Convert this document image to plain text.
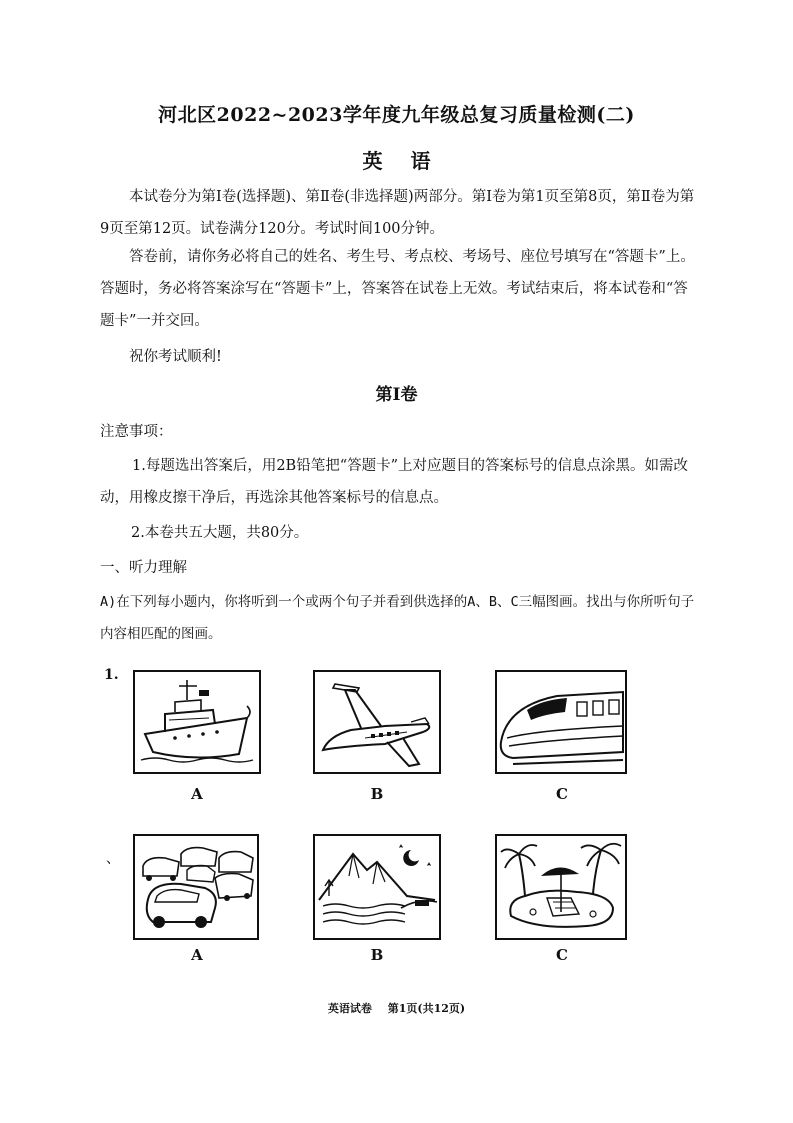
河北区2022~2023学年度九年级总复习质量检测(二)
英语
本试卷分为第Ⅰ卷(选择题)、第Ⅱ卷(非选择题)两部分。第Ⅰ卷为第1页至第8页，第Ⅱ卷为第9页至第12页。试卷满分120分。考试时间100分钟。
答卷前，请你务必将自己的姓名、考生号、考点校、考场号、座位号填写在“答题卡”上。答题时，务必将答案涂写在“答题卡”上，答案答在试卷上无效。考试结束后，将本试卷和“答题卡”一并交回。
祝你考试顺利!
第Ⅰ卷
注意事项：
1.每题选出答案后，用2B铅笔把“答题卡”上对应题目的答案标号的信息点涂黑。如需改动，用橡皮擦干净后，再选涂其他答案标号的信息点。
2.本卷共五大题，共80分。
一、听力理解
A)在下列每小题内，你将听到一个或两个句子并看到供选择的A、B、C三幅图画。找出与你所听句子内容相匹配的图画。
1.
A	B	C
、
A	B	C
英语试卷 第1页(共12页)
